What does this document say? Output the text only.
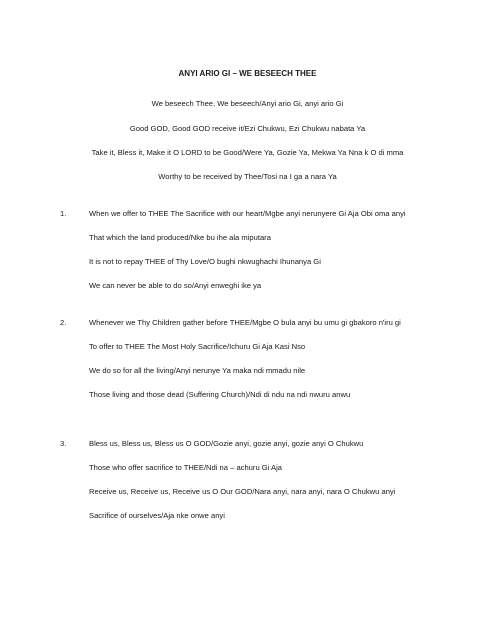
ANYI ARIO GI – WE BESEECH THEE
We beseech Thee, We beseech/Anyi ario Gi, anyi ario Gi
Good GOD, Good GOD receive it/Ezi Chukwu, Ezi Chukwu nabata Ya
Take it, Bless it, Make it O LORD to be Good/Were Ya, Gozie Ya, Mekwa Ya Nna k O di mma
Worthy to be received by Thee/Tosi na I ga a nara Ya
1.	When we offer to THEE The Sacrifice with our heart/Mgbe anyi nerunyere Gi Aja Obi oma anyi
That which the land produced/Nke bu ihe ala miputara
It is not to repay THEE of Thy Love/O bughi nkwughachi Ihunanya Gi
We can never be able to do so/Anyi enweghi ike ya
2.	Whenever we Thy Children gather before THEE/Mgbe O bula anyi bu umu gi gbakoro n'iru gi
To offer to THEE The Most Holy Sacrifice/Ichuru Gi Aja Kasi Nso
We do so for all the living/Anyi nerunye Ya maka ndi mmadu nile
Those living and those dead (Suffering Church)/Ndi di ndu na ndi nwuru anwu
3.	Bless us, Bless us, Bless us O GOD/Gozie anyi, gozie anyi, gozie anyi O Chukwu
Those who offer sacrifice to THEE/Ndi na – achuru Gi Aja
Receive us, Receive us, Receive us O Our GOD/Nara anyi, nara anyi, nara O Chukwu anyi
Sacrifice of ourselves/Aja nke onwe anyi
